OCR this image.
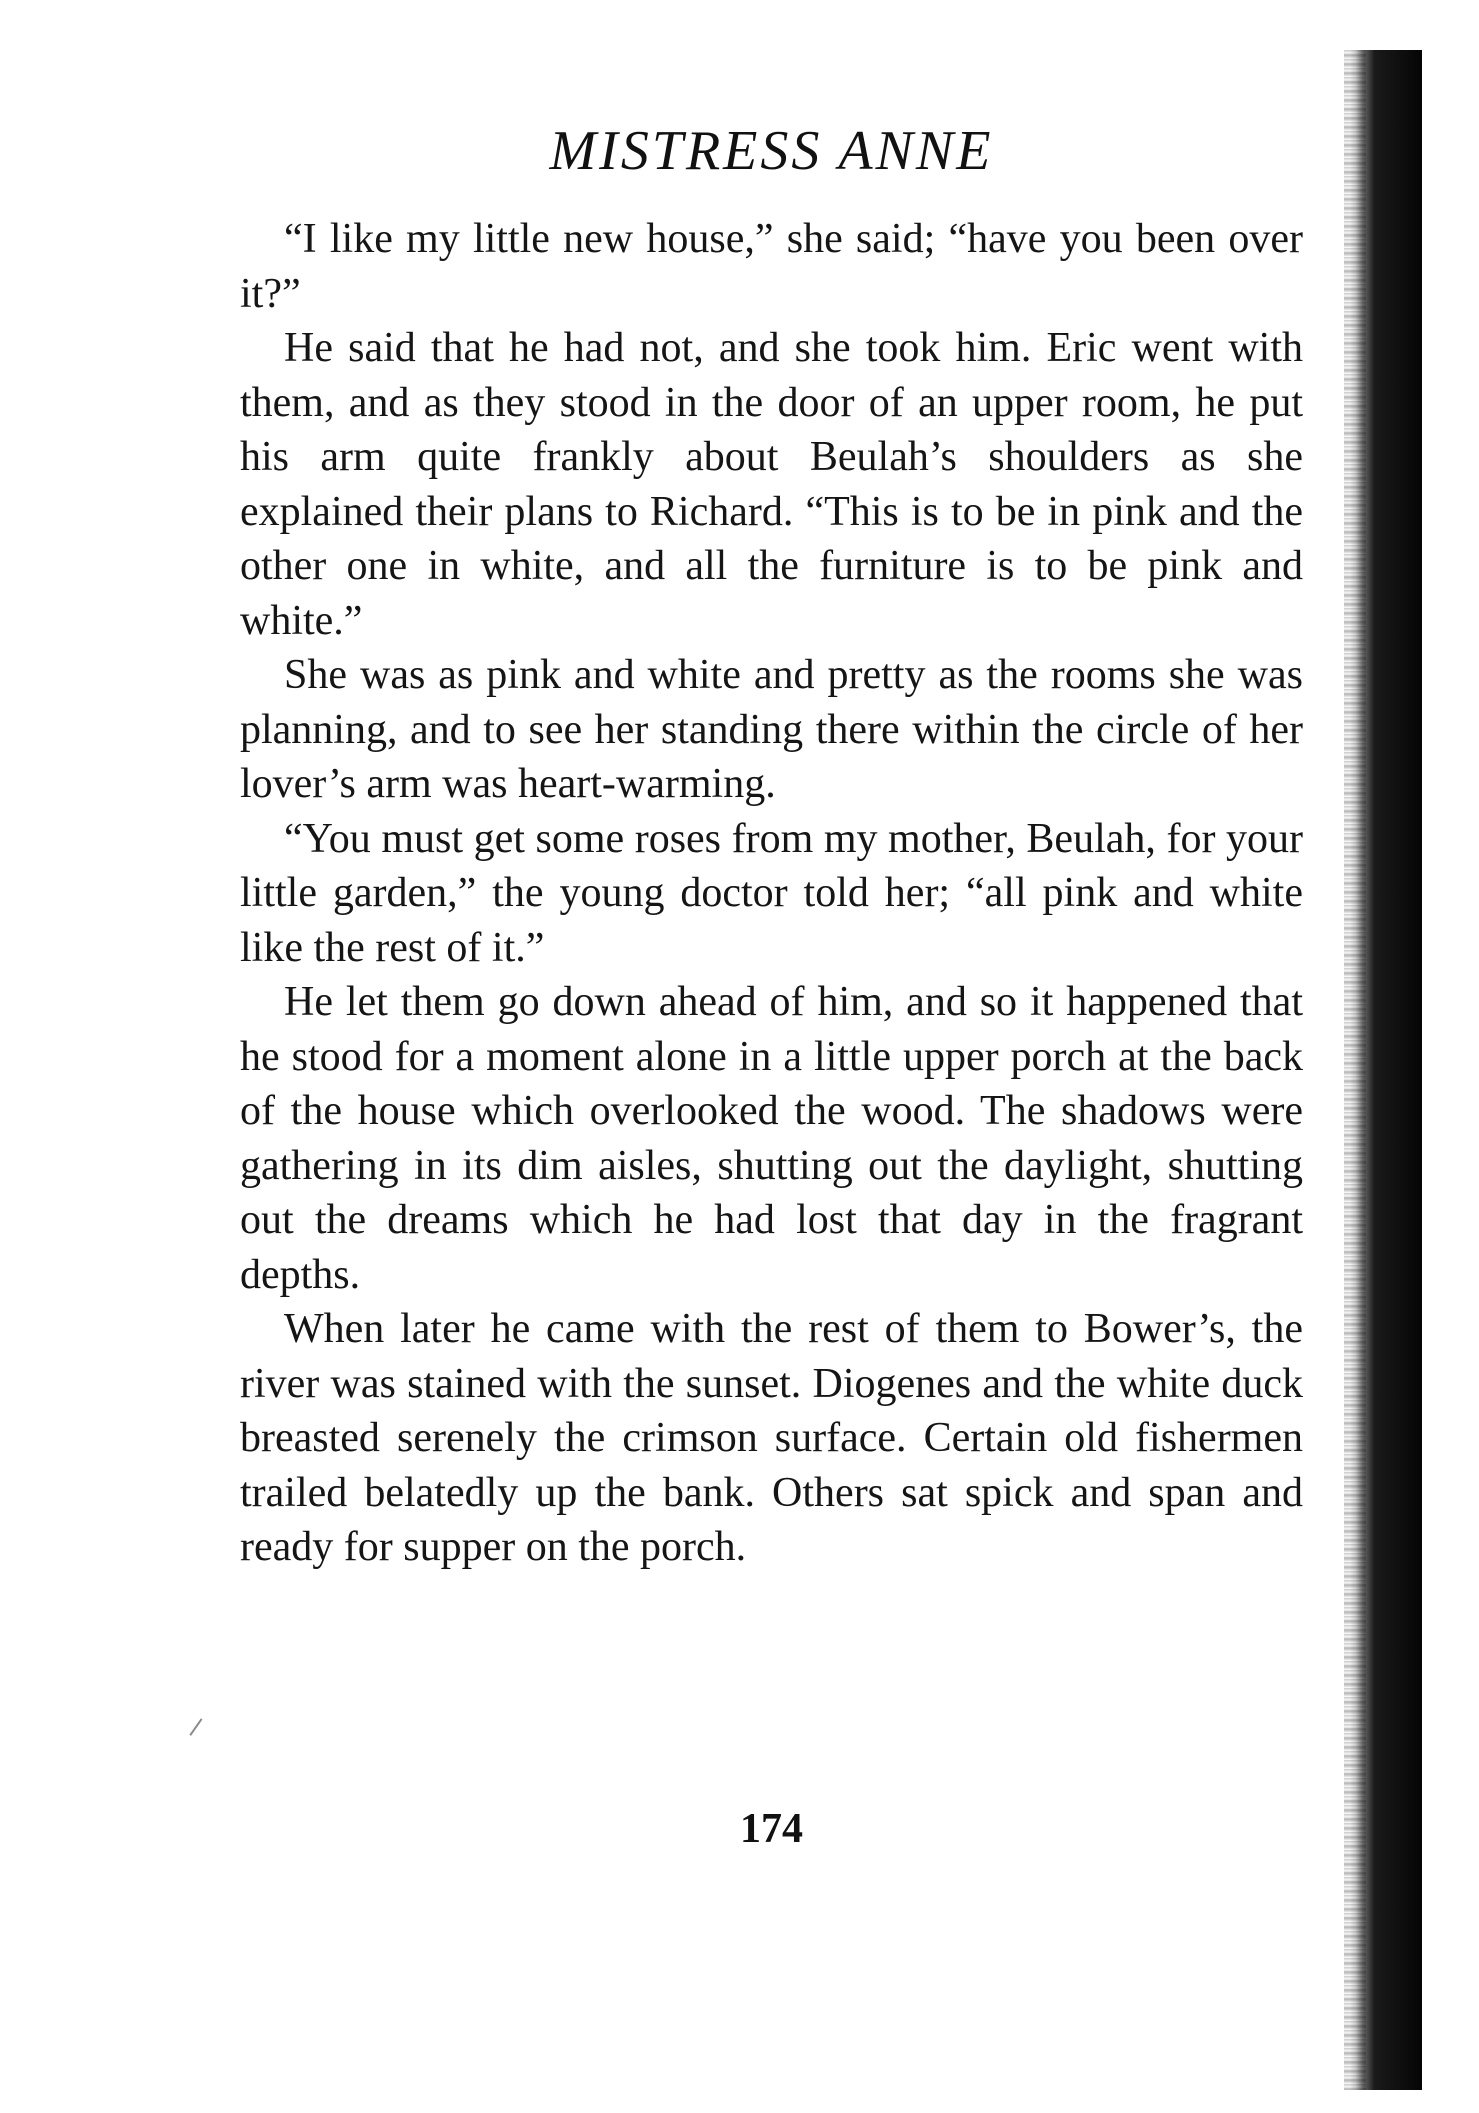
MISTRESS ANNE

“I like my little new house,” she said; “have you been over it?”

He said that he had not, and she took him. Eric went with them, and as they stood in the door of an upper room, he put his arm quite frankly about Beulah’s shoulders as she explained their plans to Richard. “This is to be in pink and the other one in white, and all the furniture is to be pink and white.”

She was as pink and white and pretty as the rooms she was planning, and to see her standing there within the circle of her lover’s arm was heart-warming.

“You must get some roses from my mother, Beulah, for your little garden,” the young doctor told her; “all pink and white like the rest of it.”

He let them go down ahead of him, and so it happened that he stood for a moment alone in a little upper porch at the back of the house which overlooked the wood. The shadows were gathering in its dim aisles, shutting out the daylight, shutting out the dreams which he had lost that day in the fragrant depths.

When later he came with the rest of them to Bower’s, the river was stained with the sunset. Diogenes and the white duck breasted serenely the crimson surface. Certain old fishermen trailed belatedly up the bank. Others sat spick and span and ready for supper on the porch.

174
